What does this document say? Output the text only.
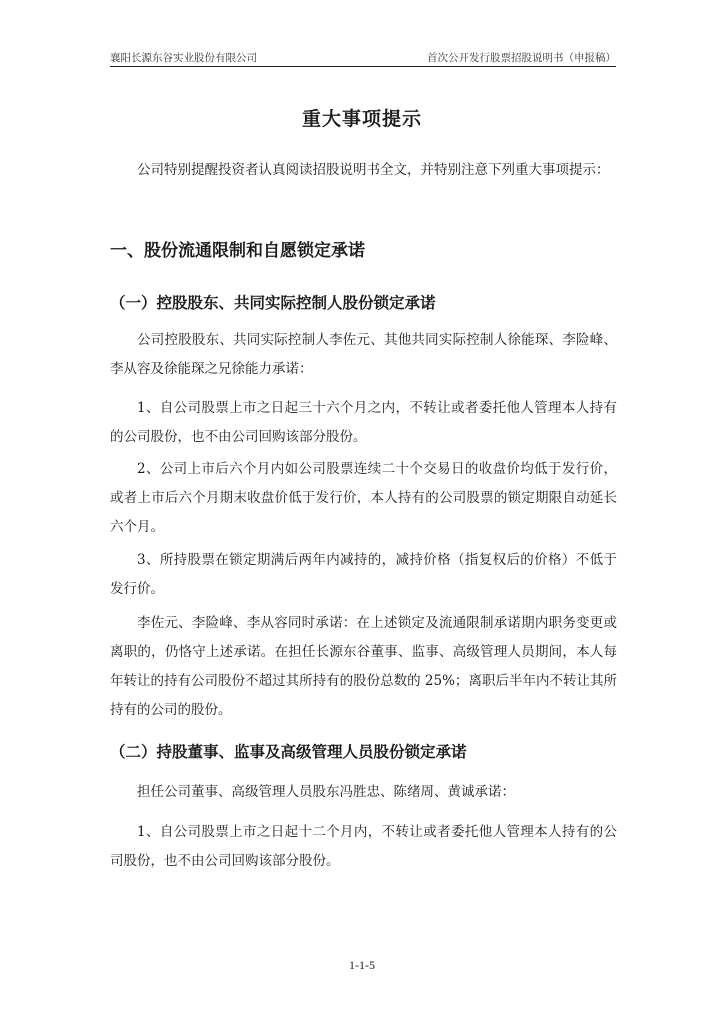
襄阳长源东谷实业股份有限公司	首次公开发行股票招股说明书（申报稿）
重大事项提示

公司特别提醒投资者认真阅读招股说明书全文，并特别注意下列重大事项提示：

一、股份流通限制和自愿锁定承诺
（一）控股股东、共同实际控制人股份锁定承诺

公司控股股东、共同实际控制人李佐元、其他共同实际控制人徐能琛、李险峰、李从容及徐能琛之兄徐能力承诺：

1、自公司股票上市之日起三十六个月之内，不转让或者委托他人管理本人持有的公司股份，也不由公司回购该部分股份。

2、公司上市后六个月内如公司股票连续二十个交易日的收盘价均低于发行价，或者上市后六个月期末收盘价低于发行价，本人持有的公司股票的锁定期限自动延长六个月。

3、所持股票在锁定期满后两年内减持的，减持价格（指复权后的价格）不低于发行价。

李佐元、李险峰、李从容同时承诺：在上述锁定及流通限制承诺期内职务变更或离职的，仍恪守上述承诺。在担任长源东谷董事、监事、高级管理人员期间，本人每年转让的持有公司股份不超过其所持有的股份总数的 25%；离职后半年内不转让其所持有的公司的股份。

（二）持股董事、监事及高级管理人员股份锁定承诺

担任公司董事、高级管理人员股东冯胜忠、陈绪周、黄诚承诺：

1、自公司股票上市之日起十二个月内，不转让或者委托他人管理本人持有的公司股份，也不由公司回购该部分股份。

1-1-5
